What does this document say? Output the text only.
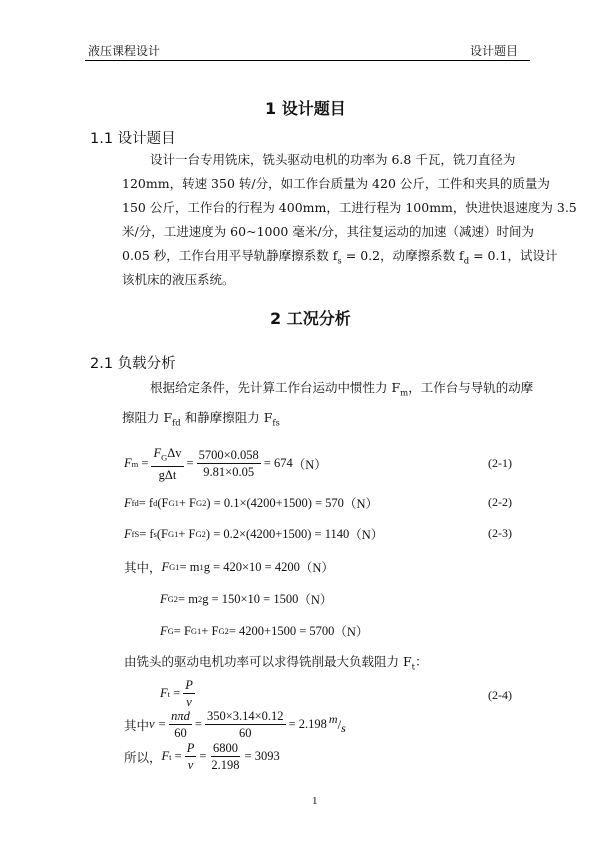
液压课程设计	设计题目
1 设计题目
1.1 设计题目
设计一台专用铣床，铣头驱动电机的功率为 6.8 千瓦，铣刀直径为
120mm，转速 350 转/分，如工作台质量为 420 公斤，工件和夹具的质量为
150 公斤，工作台的行程为 400mm，工进行程为 100mm，快进快退速度为 3.5
米/分，工进速度为 60~1000 毫米/分，其往复运动的加速（减速）时间为
0.05 秒，工作台用平导轨静摩擦系数 $f_s = 0.2$，动摩擦系数 $f_d = 0.1$，试设计
该机床的液压系统。
2 工况分析
2.1 负载分析
根据给定条件，先计算工作台运动中惯性力 $F_m$，工作台与导轨的动摩
擦阻力 $F_{fd}$ 和静摩擦阻力 $F_{fs}$
F m
= $\frac{F_G\Delta v}{\text{gΔt}} = \frac{5700\times 0.058}{9.81\times 0.05} = 674$ （N）	(2-1)
F fd = f d (F G1 + F G2 ) = 0.1×(4200+1500) = 570 （N）	(2-2)
F fS = f s (F G1 + F G2 ) = 0.2×(4200+1500) = 1140 （N）	(2-3)
其中， F G1 = m 1 g = 420×10 = 4200 （N）
F G2 = m 2 g = 150×10 = 1500 （N）
F G = F G1 + F G2 = 4200+1500 = 5700 （N）
由铣头的驱动电机功率可以求得铣削最大负载阻力 $F_t$：
F t
= $\frac{P}{v}$	(2-4)
其中 $v = \frac{\text{nπd}}{60} = \frac{350\times 3.14\times 0.12}{60} = 2.198$ m / s
所以， F t
= $\frac{P}{v} = \frac{6800}{2.198} = 3093$
1
